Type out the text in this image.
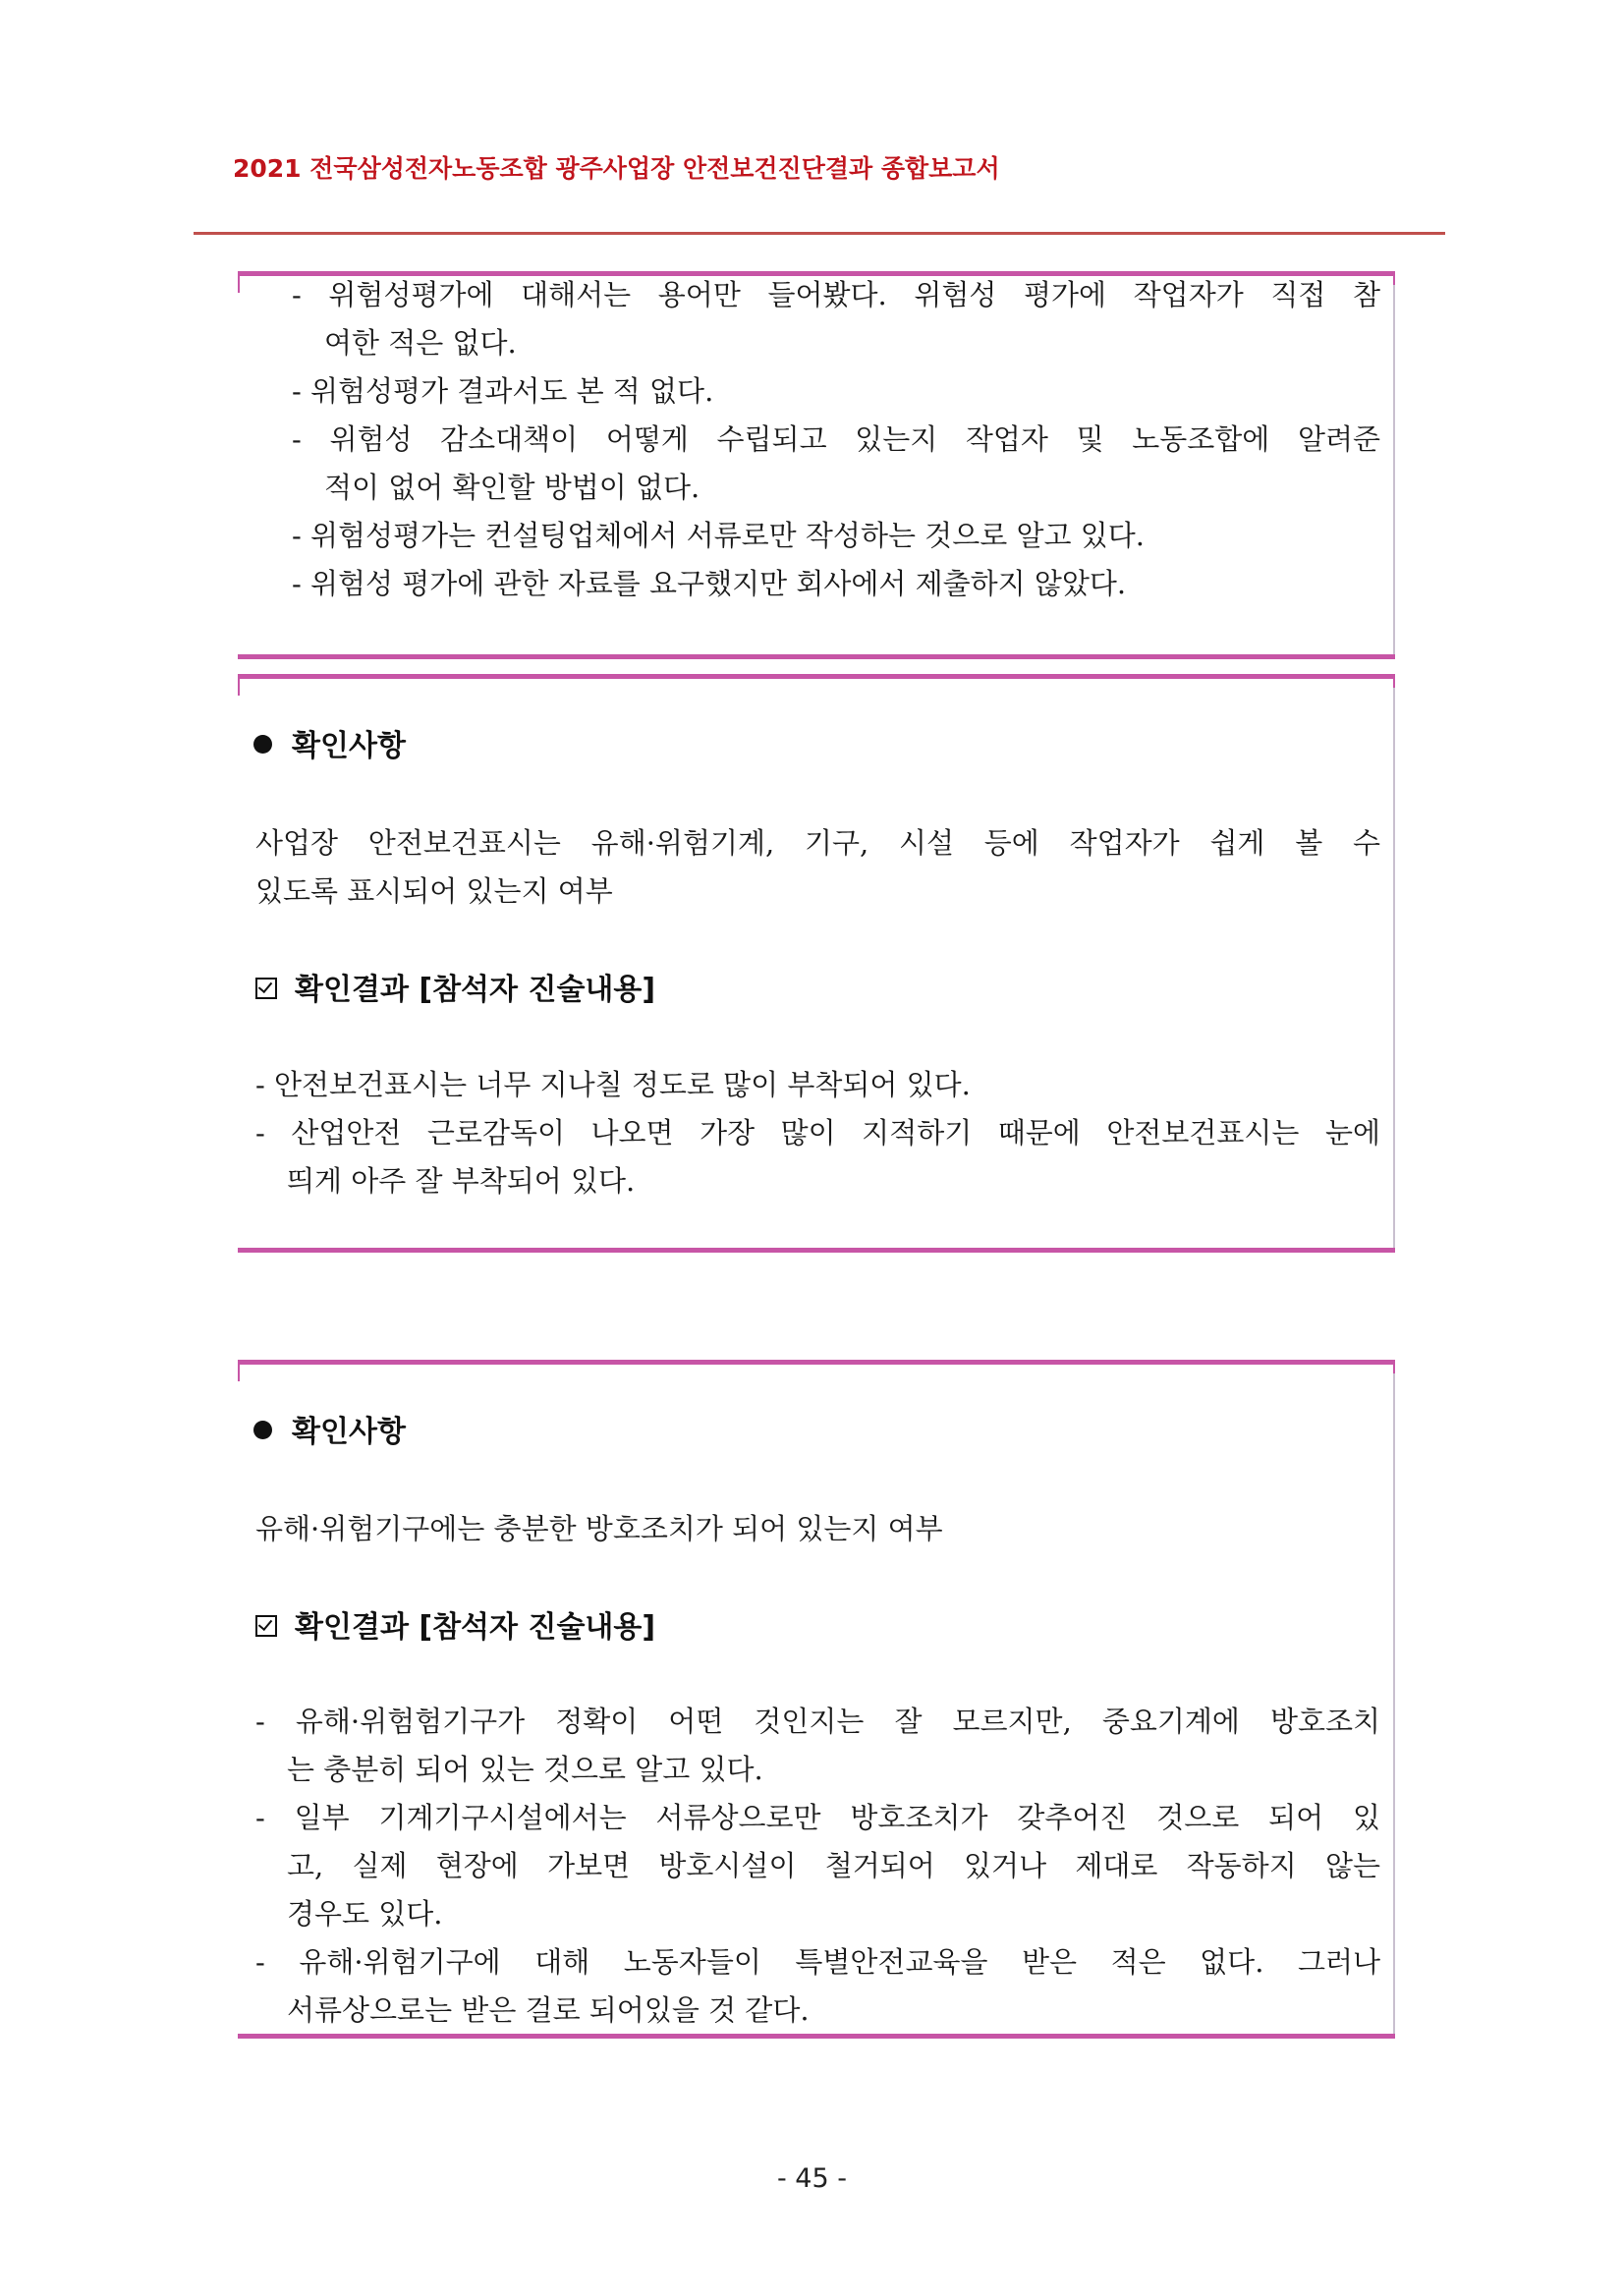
2021 전국삼성전자노동조합 광주사업장 안전보건진단결과 종합보고서
- 위험성평가에 대해서는 용어만 들어봤다. 위험성 평가에 작업자가 직접 참
여한 적은 없다.
- 위험성평가 결과서도 본 적 없다.
- 위험성 감소대책이 어떻게 수립되고 있는지 작업자 및 노동조합에 알려준
적이 없어 확인할 방법이 없다.
- 위험성평가는 컨설팅업체에서 서류로만 작성하는 것으로 알고 있다.
- 위험성 평가에 관한 자료를 요구했지만 회사에서 제출하지 않았다.
확인사항
사업장 안전보건표시는 유해·위험기계, 기구, 시설 등에 작업자가 쉽게 볼 수
있도록 표시되어 있는지 여부
확인결과 [참석자 진술내용]
- 안전보건표시는 너무 지나칠 정도로 많이 부착되어 있다.
- 산업안전 근로감독이 나오면 가장 많이 지적하기 때문에 안전보건표시는 눈에
띄게 아주 잘 부착되어 있다.
확인사항
유해·위험기구에는 충분한 방호조치가 되어 있는지 여부
확인결과 [참석자 진술내용]
- 유해·위험험기구가 정확이 어떤 것인지는 잘 모르지만, 중요기계에 방호조치
는 충분히 되어 있는 것으로 알고 있다.
- 일부 기계기구시설에서는 서류상으로만 방호조치가 갖추어진 것으로 되어 있
고, 실제 현장에 가보면 방호시설이 철거되어 있거나 제대로 작동하지 않는
경우도 있다.
- 유해·위험기구에 대해 노동자들이 특별안전교육을 받은 적은 없다. 그러나
서류상으로는 받은 걸로 되어있을 것 같다.
- 45 -
